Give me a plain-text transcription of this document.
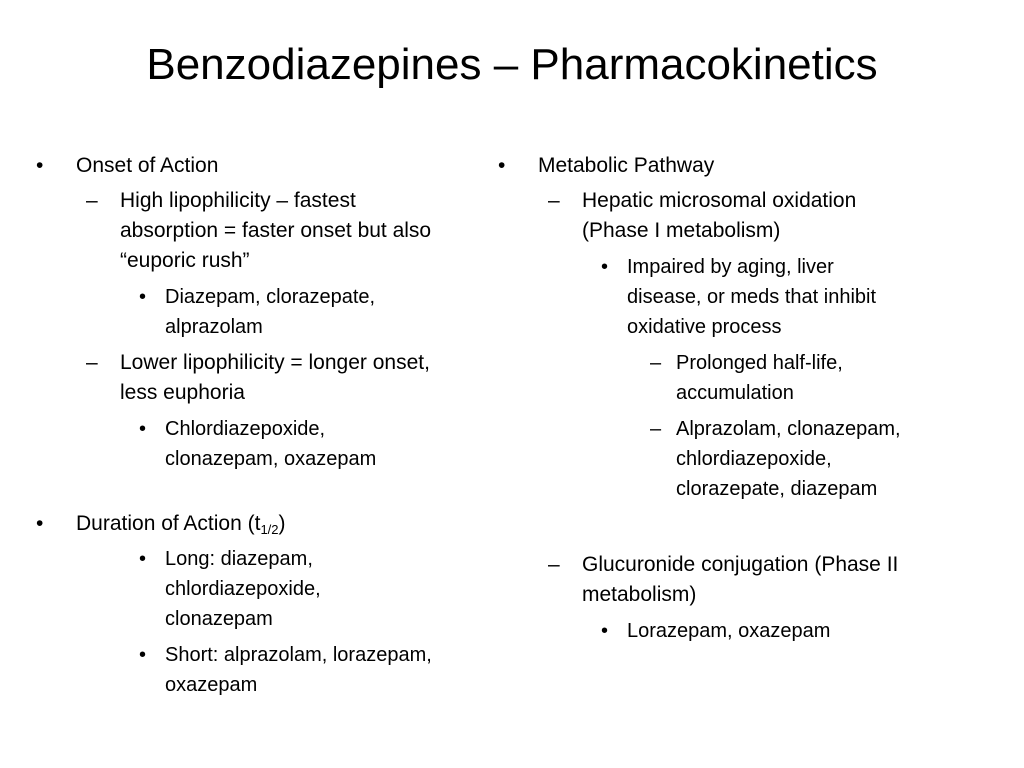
Benzodiazepines – Pharmacokinetics
• Onset of Action
– High lipophilicity – fastest
absorption = faster onset but also
“euporic rush”
• Diazepam, clorazepate,
alprazolam
– Lower lipophilicity = longer onset,
less euphoria
• Chlordiazepoxide,
clonazepam, oxazepam
• Duration of Action $(t_{1/2})$
• Long: diazepam,
chlordiazepoxide,
clonazepam
• Short: alprazolam, lorazepam,
oxazepam
• Metabolic Pathway
– Hepatic microsomal oxidation
(Phase I metabolism)
• Impaired by aging, liver
disease, or meds that inhibit
oxidative process
– Prolonged half-life,
accumulation
– Alprazolam, clonazepam,
chlordiazepoxide,
clorazepate, diazepam
– Glucuronide conjugation (Phase II
metabolism)
• Lorazepam, oxazepam
